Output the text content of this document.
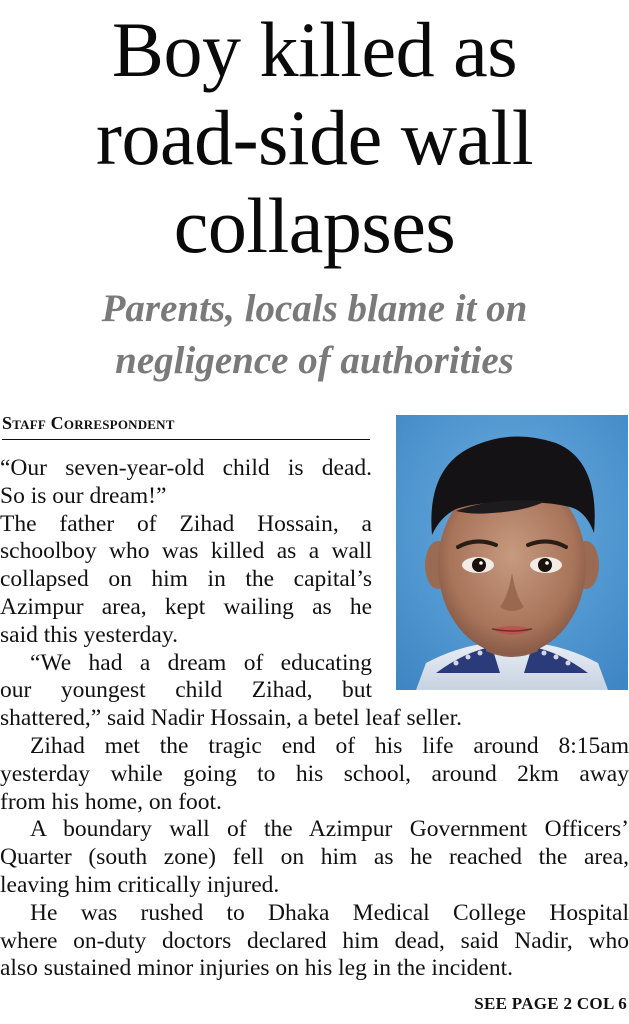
Boy killed as
road-side wall
collapses
Parents, locals blame it on
negligence of authorities
Staff Correspondent
“Our seven-year-old child is dead.
So is our dream!”
The father of Zihad Hossain, a
schoolboy who was killed as a wall
collapsed on him in the capital’s
Azimpur area, kept wailing as he
said this yesterday.
“We had a dream of educating
our youngest child Zihad, but
shattered,” said Nadir Hossain, a betel leaf seller.
Zihad met the tragic end of his life around 8:15am
yesterday while going to his school, around 2km away
from his home, on foot.
A boundary wall of the Azimpur Government Officers’
Quarter (south zone) fell on him as he reached the area,
leaving him critically injured.
He was rushed to Dhaka Medical College Hospital
where on-duty doctors declared him dead, said Nadir, who
also sustained minor injuries on his leg in the incident.
SEE PAGE 2 COL 6
